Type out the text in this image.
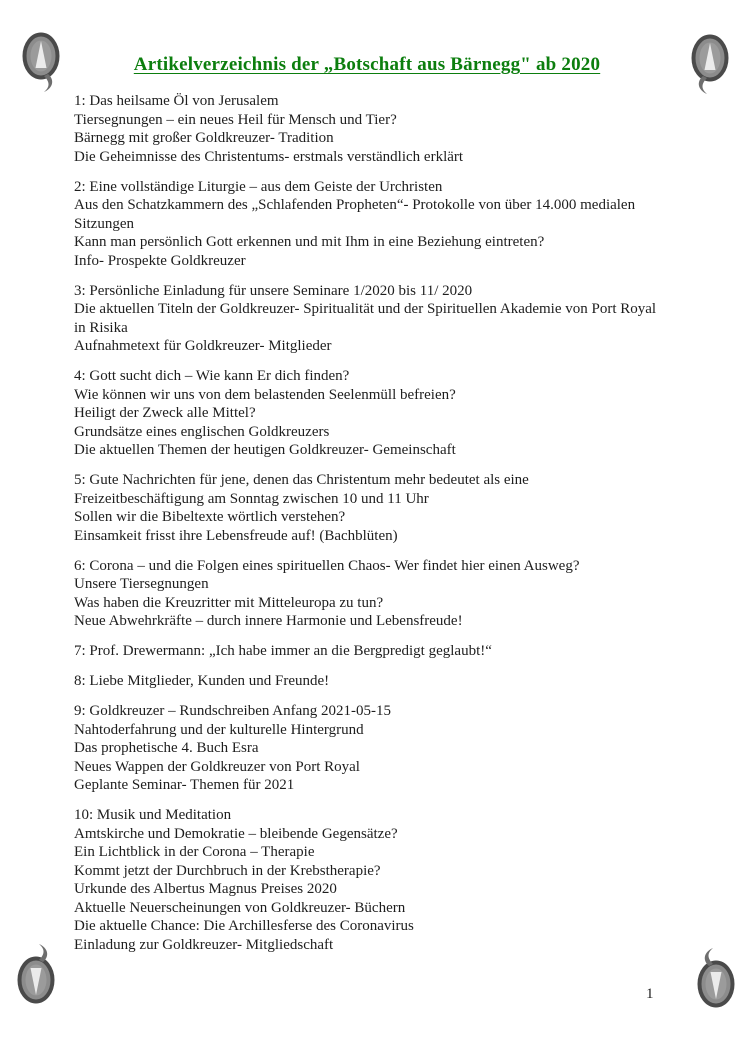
Artikelverzeichnis der „Botschaft aus Bärnegg" ab 2020

1: Das heilsame Öl von Jerusalem
Tiersegnungen – ein neues Heil für Mensch und Tier?
Bärnegg mit großer Goldkreuzer- Tradition
Die Geheimnisse des Christentums- erstmals verständlich erklärt

2: Eine vollständige Liturgie – aus dem Geiste der Urchristen
Aus den Schatzkammern des „Schlafenden Propheten“- Protokolle von über 14.000 medialen
Sitzungen
Kann man persönlich Gott erkennen und mit Ihm in eine Beziehung eintreten?
Info- Prospekte Goldkreuzer

3: Persönliche Einladung für unsere Seminare 1/2020 bis 11/ 2020
Die aktuellen Titeln der Goldkreuzer- Spiritualität und der Spirituellen Akademie von Port Royal
in Risika
Aufnahmetext für Goldkreuzer- Mitglieder

4: Gott sucht dich – Wie kann Er dich finden?
Wie können wir uns von dem belastenden Seelenmüll befreien?
Heiligt der Zweck alle Mittel?
Grundsätze eines englischen Goldkreuzers
Die aktuellen Themen der heutigen Goldkreuzer- Gemeinschaft

5: Gute Nachrichten für jene, denen das Christentum mehr bedeutet als eine
Freizeitbeschäftigung am Sonntag zwischen 10 und 11 Uhr
Sollen wir die Bibeltexte wörtlich verstehen?
Einsamkeit frisst ihre Lebensfreude auf! (Bachblüten)

6: Corona – und die Folgen eines spirituellen Chaos- Wer findet hier einen Ausweg?
Unsere Tiersegnungen
Was haben die Kreuzritter mit Mitteleuropa zu tun?
Neue Abwehrkräfte – durch innere Harmonie und Lebensfreude!

7: Prof. Drewermann: „Ich habe immer an die Bergpredigt geglaubt!“

8: Liebe Mitglieder, Kunden und Freunde!

9: Goldkreuzer – Rundschreiben Anfang 2021-05-15
Nahtoderfahrung und der kulturelle Hintergrund
Das prophetische 4. Buch Esra
Neues Wappen der Goldkreuzer von Port Royal
Geplante Seminar- Themen für 2021

10: Musik und Meditation
Amtskirche und Demokratie – bleibende Gegensätze?
Ein Lichtblick in der Corona – Therapie
Kommt jetzt der Durchbruch in der Krebstherapie?
Urkunde des Albertus Magnus Preises 2020
Aktuelle Neuerscheinungen von Goldkreuzer- Büchern
Die aktuelle Chance: Die Archillesferse des Coronavirus
Einladung zur Goldkreuzer- Mitgliedschaft

1
